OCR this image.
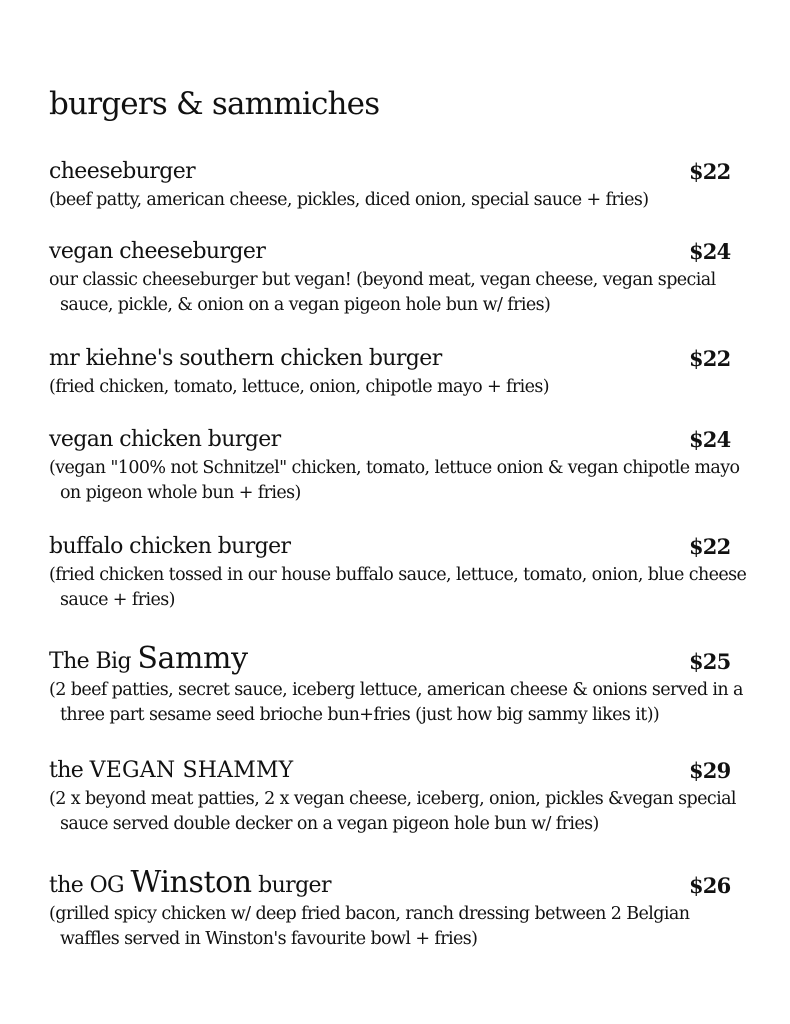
burgers & sammiches
cheeseburger	$22

(beef patty, american cheese, pickles, diced onion, special sauce + fries)

vegan cheeseburger	$24

our classic cheeseburger but vegan! (beyond meat, vegan cheese, vegan special sauce, pickle, & onion on a vegan pigeon hole bun w/ fries)

mr kiehne's southern chicken burger	$22

(fried chicken, tomato, lettuce, onion, chipotle mayo + fries)

vegan chicken burger	$24

(vegan "100% not Schnitzel" chicken, tomato, lettuce onion & vegan chipotle mayo on pigeon whole bun + fries)

buffalo chicken burger	$22

(fried chicken tossed in our house buffalo sauce, lettuce, tomato, onion, blue cheese sauce + fries)

The Big Sammy	$25

(2 beef patties, secret sauce, iceberg lettuce, american cheese & onions served in a three part sesame seed brioche bun+fries (just how big sammy likes it))

the VEGAN SHAMMY	$29

(2 x beyond meat patties, 2 x vegan cheese, iceberg, onion, pickles &vegan special sauce served double decker on a vegan pigeon hole bun w/ fries)

the OG Winston burger	$26

(grilled spicy chicken w/ deep fried bacon, ranch dressing between 2 Belgian waffles served in Winston's favourite bowl + fries)
